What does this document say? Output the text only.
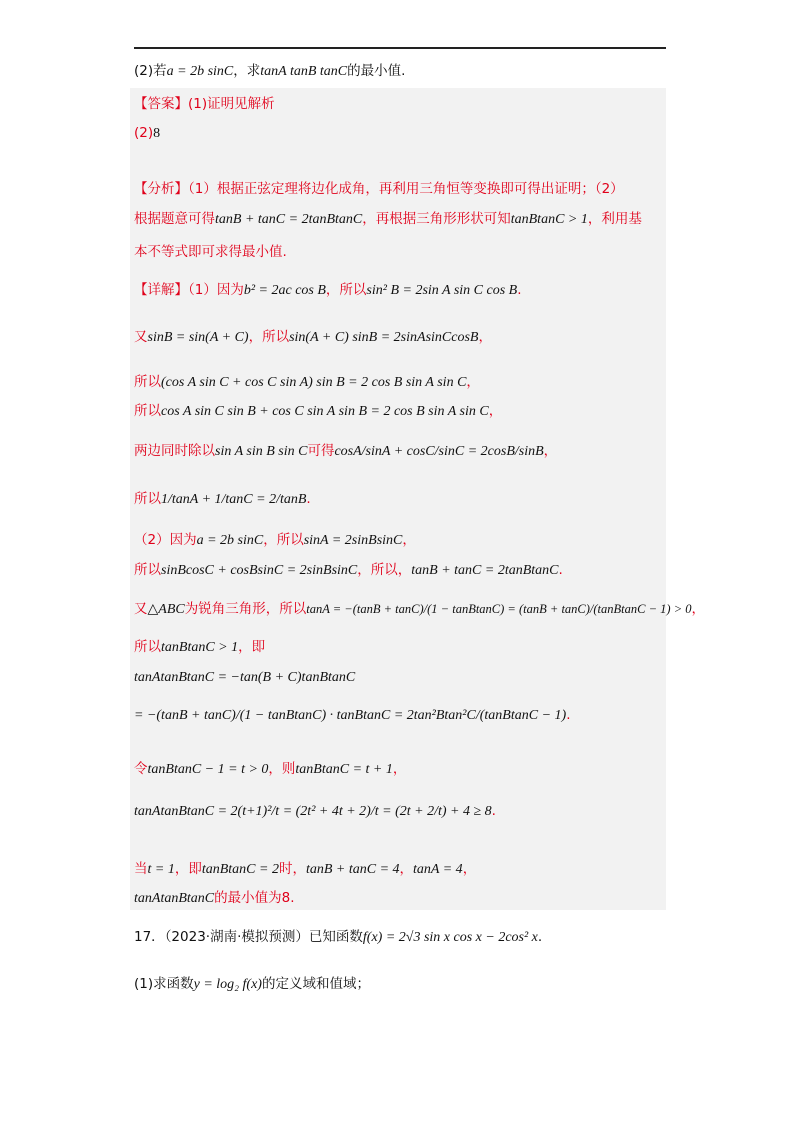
(2)若a = 2b sinC，求tanA tanB tanC的最小值.
【答案】(1)证明见解析
(2)8
【分析】（1）根据正弦定理将边化成角，再利用三角恒等变换即可得出证明；（2）
根据题意可得tanB + tanC = 2tanBtanC，再根据三角形形状可知tanBtanC > 1，利用基
本不等式即可求得最小值.
【详解】（1）因为b² = 2ac cos B，所以sin² B = 2sin A sin C cos B.
又sinB = sin(A + C)，所以sin(A + C) sinB = 2sinAsinCcosB，
所以(cos A sin C + cos C sin A) sin B = 2 cos B sin A sin C，
所以cos A sin C sin B + cos C sin A sin B = 2 cos B sin A sin C，
两边同时除以sin A sin B sin C可得cosA/sinA + cosC/sinC = 2cosB/sinB，
所以1/tanA + 1/tanC = 2/tanB.
（2）因为a = 2b sinC，所以sinA = 2sinBsinC，
所以sinBcosC + cosBsinC = 2sinBsinC，所以，tanB + tanC = 2tanBtanC.
又△ABC为锐角三角形，所以tanA = −(tanB + tanC)/(1 − tanBtanC) = (tanB + tanC)/(tanBtanC − 1) > 0，
所以tanBtanC > 1，即
tanAtanBtanC = −tan(B + C)tanBtanC
= −(tanB + tanC)/(1 − tanBtanC) · tanBtanC = 2tan²Btan²C/(tanBtanC − 1).
令tanBtanC − 1 = t > 0，则tanBtanC = t + 1，
tanAtanBtanC = 2(t+1)²/t = (2t² + 4t + 2)/t = (2t + 2/t) + 4 ≥ 8.
当t = 1，即tanBtanC = 2时，tanB + tanC = 4，tanA = 4，
tanAtanBtanC的最小值为8.
17．（2023·湖南·模拟预测）已知函数f(x) = 2√3 sin x cos x − 2cos² x.
(1)求函数y = log₂ f(x)的定义域和值域；
